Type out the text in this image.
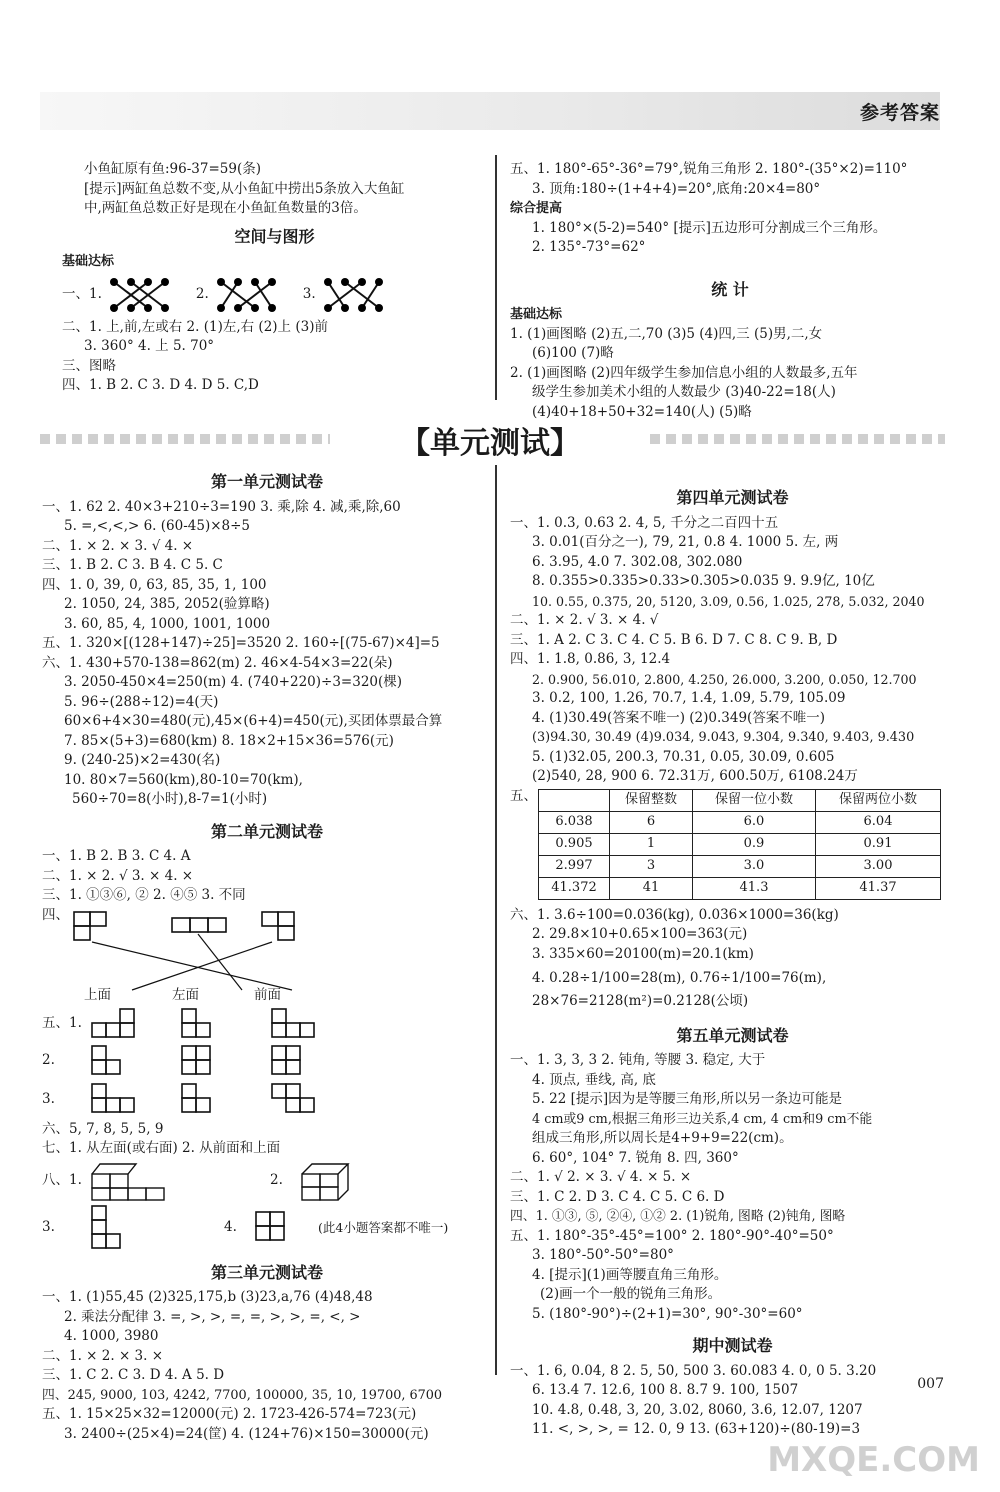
参考答案

小鱼缸原有鱼:96-37=59(条)

[提示]两缸鱼总数不变,从小鱼缸中捞出5条放入大鱼缸

中,两缸鱼总数正好是现在小鱼缸鱼数量的3倍。

空间与图形

基础达标

一、1.	2.	3.

二、1. 上,前,左或右 2. (1)左,右 (2)上 (3)前

3. 360° 4. 上 5. 70°

三、图略

四、1. B 2. C 3. D 4. D 5. C,D

五、1. 180°-65°-36°=79°,锐角三角形 2. 180°-(35°×2)=110°

3. 顶角:180÷(1+4+4)=20°,底角:20×4=80°

综合提高

1. 180°×(5-2)=540° [提示]五边形可分割成三个三角形。

2. 135°-73°=62°

统 计

基础达标

1. (1)画图略 (2)五,二,70 (3)5 (4)四,三 (5)男,二,女

(6)100 (7)略

2. (1)画图略 (2)四年级学生参加信息小组的人数最多,五年

级学生参加美术小组的人数最少 (3)40-22=18(人)

(4)40+18+50+32=140(人) (5)略

【单元测试】

第一单元测试卷

一、1. 62 2. 40×3+210÷3=190 3. 乘,除 4. 减,乘,除,60

5. =,<,<,> 6. (60-45)×8÷5

二、1. × 2. × 3. √ 4. ×

三、1. B 2. C 3. B 4. C 5. C

四、1. 0, 39, 0, 63, 85, 35, 1, 100

2. 1050, 24, 385, 2052(验算略)

3. 60, 85, 4, 1000, 1001, 1000

五、1. 320×[(128+147)÷25]=3520 2. 160÷[(75-67)×4]=5

六、1. 430+570-138=862(m) 2. 46×4-54×3=22(朵)

3. 2050-450×4=250(m) 4. (740+220)÷3=320(棵)

5. 96÷(288÷12)=4(天)

60×6+4×30=480(元),45×(6+4)=450(元),买团体票最合算

7. 85×(5+3)=680(km) 8. 18×2+15×36=576(元)

9. (240-25)×2=430(名)

10. 80×7=560(km),80-10=70(km),

560÷70=8(小时),8-7=1(小时)

第二单元测试卷

一、1. B 2. B 3. C 4. A

二、1. × 2. √ 3. × 4. ×

三、1. ①③⑥, ② 2. ④⑤ 3. 不同

四、
上面	左面	前面
五、1.
2.
3.

六、5, 7, 8, 5, 5, 9

七、1. 从左面(或右面) 2. 从前面和上面

八、1.	2.
3.	4.	(此4小题答案都不唯一)

第三单元测试卷

一、1. (1)55,45 (2)325,175,b (3)23,a,76 (4)48,48

2. 乘法分配律 3. =, >, >, =, =, >, >, =, <, >

4. 1000, 3980

二、1. × 2. × 3. ×

三、1. C 2. C 3. D 4. A 5. D

四、245, 9000, 103, 4242, 7700, 100000, 35, 10, 19700, 6700

五、1. 15×25×32=12000(元) 2. 1723-426-574=723(元)

3. 2400÷(25×4)=24(筐) 4. (124+76)×150=30000(元)

第四单元测试卷

一、1. 0.3, 0.63 2. 4, 5, 千分之二百四十五

3. 0.01(百分之一), 79, 21, 0.8 4. 1000 5. 左, 两

6. 3.95, 4.0 7. 302.08, 302.080

8. 0.355>0.335>0.33>0.305>0.035 9. 9.9亿, 10亿

10. 0.55, 0.375, 20, 5120, 3.09, 0.56, 1.025, 278, 5.032, 2040

二、1. × 2. √ 3. × 4. √

三、1. A 2. C 3. C 4. C 5. B 6. D 7. C 8. C 9. B, D

四、1. 1.8, 0.86, 3, 12.4

2. 0.900, 56.010, 2.800, 4.250, 26.000, 3.200, 0.050, 12.700

3. 0.2, 100, 1.26, 70.7, 1.4, 1.09, 5.79, 105.09

4. (1)30.49(答案不唯一) (2)0.349(答案不唯一)

(3)94.30, 30.49 (4)9.034, 9.043, 9.304, 9.340, 9.403, 9.430

5. (1)32.05, 200.3, 70.31, 0.05, 30.09, 0.605

(2)540, 28, 900 6. 72.31万, 600.50万, 6108.24万

五、
		保留整数	保留一位小数	保留两位小数
6.038	6	6.0	6.04
0.905	1	0.9	0.91
2.997	3	3.0	3.00
41.372	41	41.3	41.37

六、1. 3.6÷100=0.036(kg), 0.036×1000=36(kg)

2. 29.8×10+0.65×100=363(元)

3. 335×60=20100(m)=20.1(km)

4. 0.28÷1/100=28(m), 0.76÷1/100=76(m),

28×76=2128(m²)=0.2128(公顷)

第五单元测试卷

一、1. 3, 3, 3 2. 钝角, 等腰 3. 稳定, 大于

4. 顶点, 垂线, 高, 底

5. 22 [提示]因为是等腰三角形,所以另一条边可能是

4 cm或9 cm,根据三角形三边关系,4 cm, 4 cm和9 cm不能

组成三角形,所以周长是4+9+9=22(cm)。

6. 60°, 104° 7. 锐角 8. 四, 360°

二、1. √ 2. × 3. √ 4. × 5. ×

三、1. C 2. D 3. C 4. C 5. C 6. D

四、1. ①③, ⑤, ②④, ①② 2. (1)锐角, 图略 (2)钝角, 图略

五、1. 180°-35°-45°=100° 2. 180°-90°-40°=50°

3. 180°-50°-50°=80°

4. [提示](1)画等腰直角三角形。

(2)画一个一般的锐角三角形。

5. (180°-90°)÷(2+1)=30°, 90°-30°=60°

期中测试卷

一、1. 6, 0.04, 8 2. 5, 50, 500 3. 60.083 4. 0, 0 5. 3.20

6. 13.4 7. 12.6, 100 8. 8.7 9. 100, 1507

10. 4.8, 0.48, 3, 20, 3.02, 8060, 3.6, 12.07, 1207

11. <, >, >, = 12. 0, 9 13. (63+120)÷(80-19)=3

007
MXQE.COM
